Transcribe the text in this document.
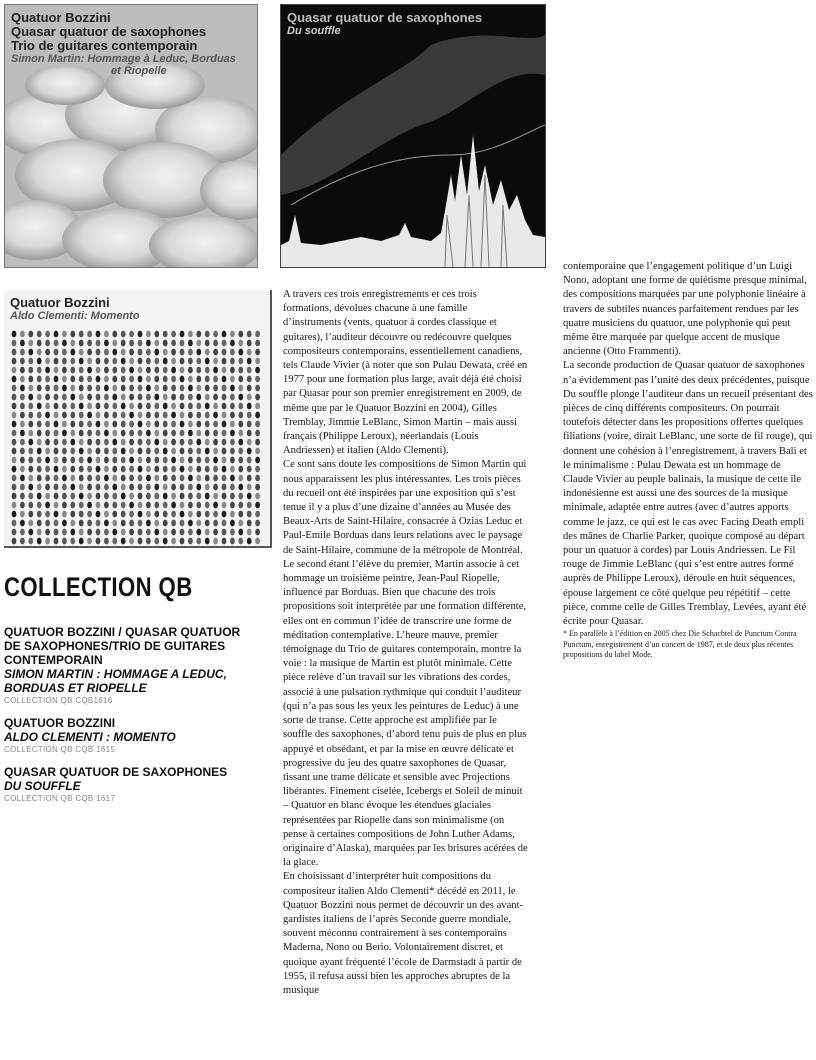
Quatuor Bozzini
Quasar quatuor de saxophones
Trio de guitares contemporain
Simon Martin: Hommage à Leduc, Borduas
et Riopelle
Quasar quatuor de saxophones
Du souffle
Quatuor Bozzini
Aldo Clementi: Momento
COLLECTION QB
QUATUOR BOZZINI / QUASAR QUATUOR
DE SAXOPHONES/TRIO DE GUITARES
CONTEMPORAIN
SIMON MARTIN : HOMMAGE A LEDUC,
BORDUAS ET RIOPELLE
COLLECTION QB CQB1616
QUATUOR BOZZINI
ALDO CLEMENTI : MOMENTO
COLLECTION QB CQB 1615
QUASAR QUATUOR DE SAXOPHONES
DU SOUFFLE
COLLECTION QB CQB 1617

A travers ces trois enregistrements et ces trois formations, dévolues chacune à une famille d’instruments (vents, quatuor à cordes classique et guitares), l’auditeur découvre ou redécouvre quelques compositeurs contemporains, essentiellement canadiens, tels Claude Vivier (à noter que son Pulau Dewata, créé en 1977 pour une formation plus large, avait déjà été choisi par Quasar pour son premier enregistrement en 2009, de même que par le Quatuor Bozzini en 2004), Gilles Tremblay, Jimmie LeBlanc, Simon Martin – mais aussi français (Philippe Leroux), néerlandais (Louis Andriessen) et italien (Aldo Clementi).

Ce sont sans doute les compositions de Simon Martin qui nous apparaissent les plus intéressantes. Les trois pièces du recueil ont été inspirées par une exposition qui s’est tenue il y a plus d’une dizaine d’années au Musée des Beaux-Arts de Saint-Hilaire, consacrée à Ozias Leduc et Paul-Emile Borduas dans leurs relations avec le paysage de Saint-Hilaire, commune de la métropole de Montréal. Le second étant l’élève du premier, Martin associe à cet hommage un troisième peintre, Jean-Paul Riopelle, influencé par Borduas. Bien que chacune des trois propositions soit interprétée par une formation différente, elles ont en commun l’idée de transcrire une forme de méditation contemplative. L’heure mauve, premier témoignage du Trio de guitares contemporain, montre la voie : la musique de Martin est plutôt minimale. Cette pièce relève d’un travail sur les vibrations des cordes, associé à une pulsation rythmique qui conduit l’auditeur (qui n’a pas sous les yeux les peintures de Leduc) à une sorte de transe. Cette approche est amplifiée par le souffle des saxophones, d’abord tenu puis de plus en plus appuyé et obsédant, et par la mise en œuvre délicate et progressive du jeu des quatre saxophones de Quasar, tissant une trame délicate et sensible avec Projections libérantes. Finement ciselée, Icebergs et Soleil de minuit – Quatuor en blanc évoque les étendues glaciales représentées par Riopelle dans son minimalisme (on pense à certaines compositions de John Luther Adams, originaire d’Alaska), marquées par les brisures acérées de la glace.

En choisissant d’interpréter huit compositions du compositeur italien Aldo Clementi* décédé en 2011, le Quatuor Bozzini nous permet de découvrir un des avant-gardistes italiens de l’après Seconde guerre mondiale, souvent méconnu contrairement à ses contemporains Maderna, Nono ou Berio. Volontairement discret, et quoique ayant fréquenté l’école de Darmstadt à partir de 1955, il refusa aussi bien les approches abruptes de la musique

contemporaine que l’engagement politique d’un Luigi Nono, adoptant une forme de quiétisme presque minimal, des compositions marquées par une polyphonie linéaire à travers de subtiles nuances parfaitement rendues par les quatre musiciens du quatuor, une polyphonie qui peut même être marquée par quelque accent de musique ancienne (Otto Frammenti).

La seconde production de Quasar quatuor de saxophones n’a évidemment pas l’unité des deux précédentes, puisque Du souffle plonge l’auditeur dans un recueil présentant des pièces de cinq différents compositeurs. On pourrait toutefois détecter dans les propositions offertes quelques filiations (voire, dirait LeBlanc, une sorte de fil rouge), qui donnent une cohésion à l’enregistrement, à travers Bali et le minimalisme : Pulau Dewata est un hommage de Claude Vivier au peuple balinais, la musique de cette île indonésienne est aussi une des sources de la musique minimale, adaptée entre autres (avec d’autres apports comme le jazz, ce qui est le cas avec Facing Death empli des mânes de Charlie Parker, quoique composé au départ pour un quatuor à cordes) par Louis Andriessen. Le Fil rouge de Jimmie LeBlanc (qui s’est entre autres formé auprès de Philippe Leroux), déroule en huit séquences, épouse largement ce côté quelque peu répétitif – cette pièce, comme celle de Gilles Tremblay, Levées, ayant été écrite pour Quasar.

* En parallèle à l’édition en 2005 chez Die Schachtel de Punctum Contra Punctum, enregistrement d’un concert de 1987, et de deux plus récentes propositions du label Mode.
